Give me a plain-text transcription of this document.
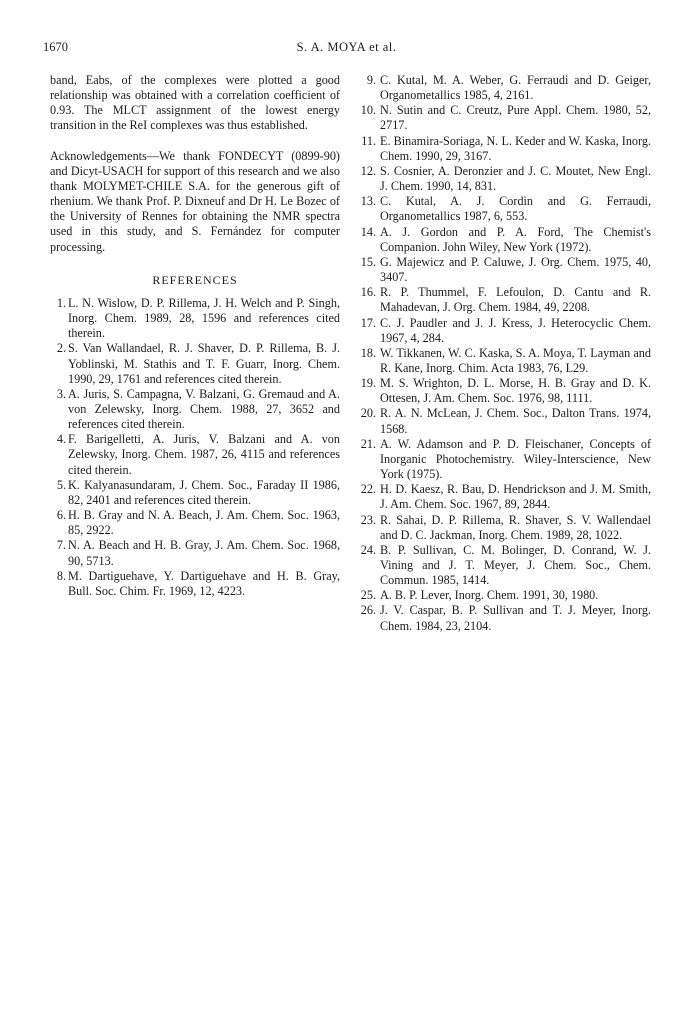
1670	S. A. MOYA et al.

band, Eabs, of the complexes were plotted a good relationship was obtained with a correlation coefficient of 0.93. The MLCT assignment of the lowest energy transition in the ReI complexes was thus established.

Acknowledgements—We thank FONDECYT (0899-90) and Dicyt-USACH for support of this research and we also thank MOLYMET-CHILE S.A. for the generous gift of rhenium. We thank Prof. P. Dixneuf and Dr H. Le Bozec of the University of Rennes for obtaining the NMR spectra used in this study, and S. Fernández for computer processing.

REFERENCES
1. L. N. Wislow, D. P. Rillema, J. H. Welch and P. Singh, Inorg. Chem. 1989, 28, 1596 and references cited therein.
2. S. Van Wallandael, R. J. Shaver, D. P. Rillema, B. J. Yoblinski, M. Stathis and T. F. Guarr, Inorg. Chem. 1990, 29, 1761 and references cited therein.
3. A. Juris, S. Campagna, V. Balzani, G. Gremaud and A. von Zelewsky, Inorg. Chem. 1988, 27, 3652 and references cited therein.
4. F. Barigelletti, A. Juris, V. Balzani and A. von Zelewsky, Inorg. Chem. 1987, 26, 4115 and references cited therein.
5. K. Kalyanasundaram, J. Chem. Soc., Faraday II 1986, 82, 2401 and references cited therein.
6. H. B. Gray and N. A. Beach, J. Am. Chem. Soc. 1963, 85, 2922.
7. N. A. Beach and H. B. Gray, J. Am. Chem. Soc. 1968, 90, 5713.
8. M. Dartiguehave, Y. Dartiguehave and H. B. Gray, Bull. Soc. Chim. Fr. 1969, 12, 4223.
9. C. Kutal, M. A. Weber, G. Ferraudi and D. Geiger, Organometallics 1985, 4, 2161.
10. N. Sutin and C. Creutz, Pure Appl. Chem. 1980, 52, 2717.
11. E. Binamira-Soriaga, N. L. Keder and W. Kaska, Inorg. Chem. 1990, 29, 3167.
12. S. Cosnier, A. Deronzier and J. C. Moutet, New Engl. J. Chem. 1990, 14, 831.
13. C. Kutal, A. J. Cordin and G. Ferraudi, Organometallics 1987, 6, 553.
14. A. J. Gordon and P. A. Ford, The Chemist's Companion. John Wiley, New York (1972).
15. G. Majewicz and P. Caluwe, J. Org. Chem. 1975, 40, 3407.
16. R. P. Thummel, F. Lefoulon, D. Cantu and R. Mahadevan, J. Org. Chem. 1984, 49, 2208.
17. C. J. Paudler and J. J. Kress, J. Heterocyclic Chem. 1967, 4, 284.
18. W. Tikkanen, W. C. Kaska, S. A. Moya, T. Layman and R. Kane, Inorg. Chim. Acta 1983, 76, L29.
19. M. S. Wrighton, D. L. Morse, H. B. Gray and D. K. Ottesen, J. Am. Chem. Soc. 1976, 98, 1111.
20. R. A. N. McLean, J. Chem. Soc., Dalton Trans. 1974, 1568.
21. A. W. Adamson and P. D. Fleischaner, Concepts of Inorganic Photochemistry. Wiley-Interscience, New York (1975).
22. H. D. Kaesz, R. Bau, D. Hendrickson and J. M. Smith, J. Am. Chem. Soc. 1967, 89, 2844.
23. R. Sahai, D. P. Rillema, R. Shaver, S. V. Wallendael and D. C. Jackman, Inorg. Chem. 1989, 28, 1022.
24. B. P. Sullivan, C. M. Bolinger, D. Conrand, W. J. Vining and J. T. Meyer, J. Chem. Soc., Chem. Commun. 1985, 1414.
25. A. B. P. Lever, Inorg. Chem. 1991, 30, 1980.
26. J. V. Caspar, B. P. Sullivan and T. J. Meyer, Inorg. Chem. 1984, 23, 2104.
